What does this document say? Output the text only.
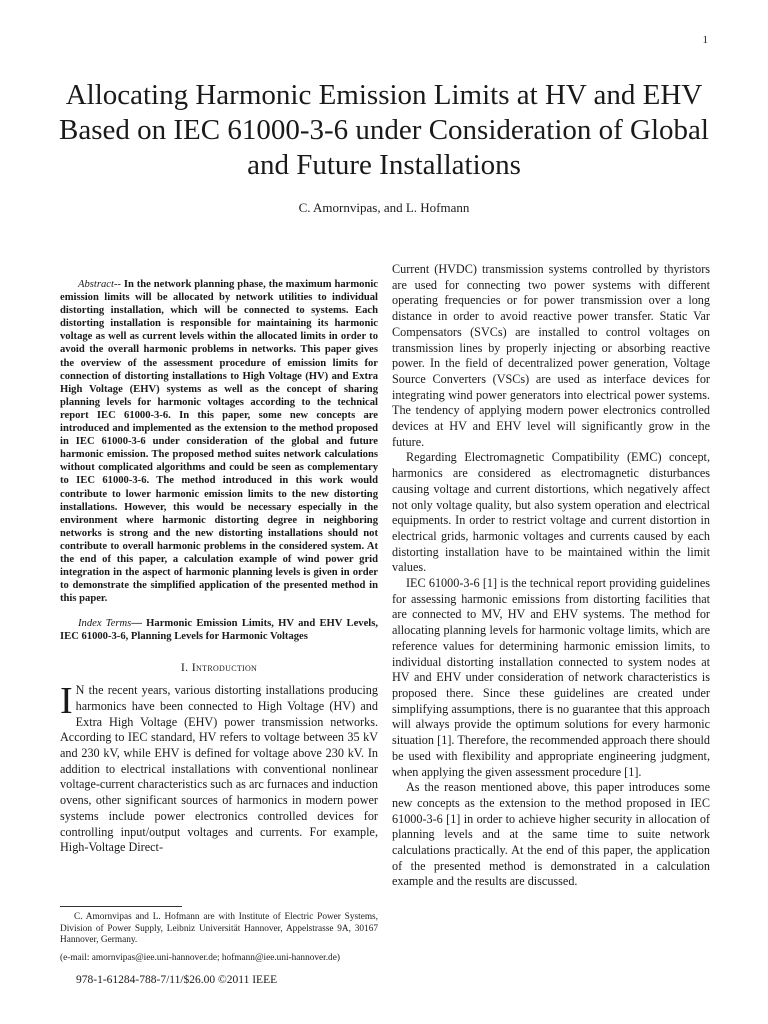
1
Allocating Harmonic Emission Limits at HV and EHV Based on IEC 61000-3-6 under Consideration of Global and Future Installations
C. Amornvipas, and L. Hofmann

Abstract-- In the network planning phase, the maximum harmonic emission limits will be allocated by network utilities to individual distorting installation, which will be connected to systems. Each distorting installation is responsible for maintaining its harmonic voltage as well as current levels within the allocated limits in order to avoid the overall harmonic problems in networks. This paper gives the overview of the assessment procedure of emission limits for connection of distorting installations to High Voltage (HV) and Extra High Voltage (EHV) systems as well as the concept of sharing planning levels for harmonic voltages according to the technical report IEC 61000-3-6. In this paper, some new concepts are introduced and implemented as the extension to the method proposed in IEC 61000-3-6 under consideration of the global and future harmonic emission. The proposed method suites network calculations without complicated algorithms and could be seen as complementary to IEC 61000-3-6. The method introduced in this work would contribute to lower harmonic emission limits to the new distorting installations. However, this would be necessary especially in the environment where harmonic distorting degree in neighboring networks is strong and the new distorting installations should not contribute to overall harmonic problems in the considered system. At the end of this paper, a calculation example of wind power grid integration in the aspect of harmonic planning levels is given in order to demonstrate the simplified application of the presented method in this paper.

Index Terms— Harmonic Emission Limits, HV and EHV Levels, IEC 61000-3-6, Planning Levels for Harmonic Voltages

I. Introduction

I N the recent years, various distorting installations producing harmonics have been connected to High Voltage (HV) and Extra High Voltage (EHV) power transmission networks. According to IEC standard, HV refers to voltage between 35 kV and 230 kV, while EHV is defined for voltage above 230 kV. In addition to electrical installations with conventional nonlinear voltage-current characteristics such as arc furnaces and induction ovens, other significant sources of harmonics in modern power systems include power electronics controlled devices for controlling input/output voltages and currents. For example, High-Voltage Direct-

Current (HVDC) transmission systems controlled by thyristors are used for connecting two power systems with different operating frequencies or for power transmission over a long distance in order to avoid reactive power transfer. Static Var Compensators (SVCs) are installed to control voltages on transmission lines by properly injecting or absorbing reactive power. In the field of decentralized power generation, Voltage Source Converters (VSCs) are used as interface devices for integrating wind power generators into electrical power systems. The tendency of applying modern power electronics controlled devices at HV and EHV level will significantly grow in the future.

Regarding Electromagnetic Compatibility (EMC) concept, harmonics are considered as electromagnetic disturbances causing voltage and current distortions, which negatively affect not only voltage quality, but also system operation and electrical equipments. In order to restrict voltage and current distortion in electrical grids, harmonic voltages and currents caused by each distorting installation have to be maintained within the limit values.

IEC 61000-3-6 [1] is the technical report providing guidelines for assessing harmonic emissions from distorting facilities that are connected to MV, HV and EHV systems. The method for allocating planning levels for harmonic voltage limits, which are reference values for determining harmonic emission limits, to individual distorting installation connected to system nodes at HV and EHV under consideration of network characteristics is proposed there. Since these guidelines are created under simplifying assumptions, there is no guarantee that this approach will always provide the optimum solutions for every harmonic situation [1]. Therefore, the recommended approach there should be used with flexibility and appropriate engineering judgment, when applying the given assessment procedure [1].

As the reason mentioned above, this paper introduces some new concepts as the extension to the method proposed in IEC 61000-3-6 [1] in order to achieve higher security in allocation of planning levels and at the same time to suite network calculations practically. At the end of this paper, the application of the presented method is demonstrated in a calculation example and the results are discussed.

C. Amornvipas and L. Hofmann are with Institute of Electric Power Systems, Division of Power Supply, Leibniz Universität Hannover, Appelstrasse 9A, 30167 Hannover, Germany.

(e-mail: amornvipas@iee.uni-hannover.de; hofmann@iee.uni-hannover.de)

978-1-61284-788-7/11/$26.00 ©2011 IEEE
